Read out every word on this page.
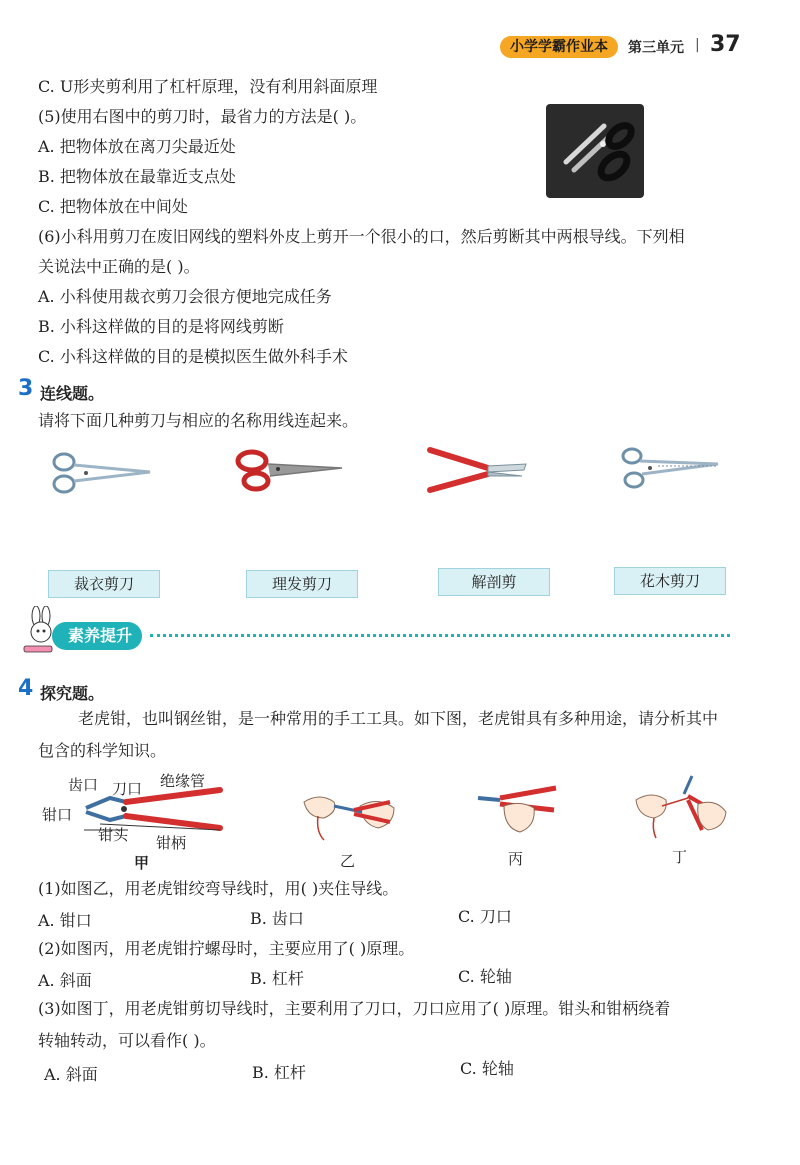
小学学霸作业本	第三单元 | 37
C. U形夹剪利用了杠杆原理，没有利用斜面原理
(5)使用右图中的剪刀时，最省力的方法是( )。
A. 把物体放在离刀尖最近处
B. 把物体放在最靠近支点处
C. 把物体放在中间处
(6)小科用剪刀在废旧网线的塑料外皮上剪开一个很小的口，然后剪断其中两根导线。下列相
关说法中正确的是( )。
A. 小科使用裁衣剪刀会很方便地完成任务
B. 小科这样做的目的是将网线剪断
C. 小科这样做的目的是模拟医生做外科手术
3 连线题。
请将下面几种剪刀与相应的名称用线连起来。
裁衣剪刀	理发剪刀	解剖剪	花木剪刀
素养提升
4 探究题。
老虎钳，也叫钢丝钳，是一种常用的手工工具。如下图，老虎钳具有多种用途，请分析其中
包含的科学知识。
齿口 刀口 绝缘管
钳口
钳头 钳柄
甲	乙	丙	丁
(1)如图乙，用老虎钳绞弯导线时，用( )夹住导线。
A. 钳口	B. 齿口	C. 刀口
(2)如图丙，用老虎钳拧螺母时，主要应用了( )原理。
A. 斜面	B. 杠杆	C. 轮轴
(3)如图丁，用老虎钳剪切导线时，主要利用了刀口，刀口应用了( )原理。钳头和钳柄绕着
转轴转动，可以看作( )。
A. 斜面	B. 杠杆	C. 轮轴
